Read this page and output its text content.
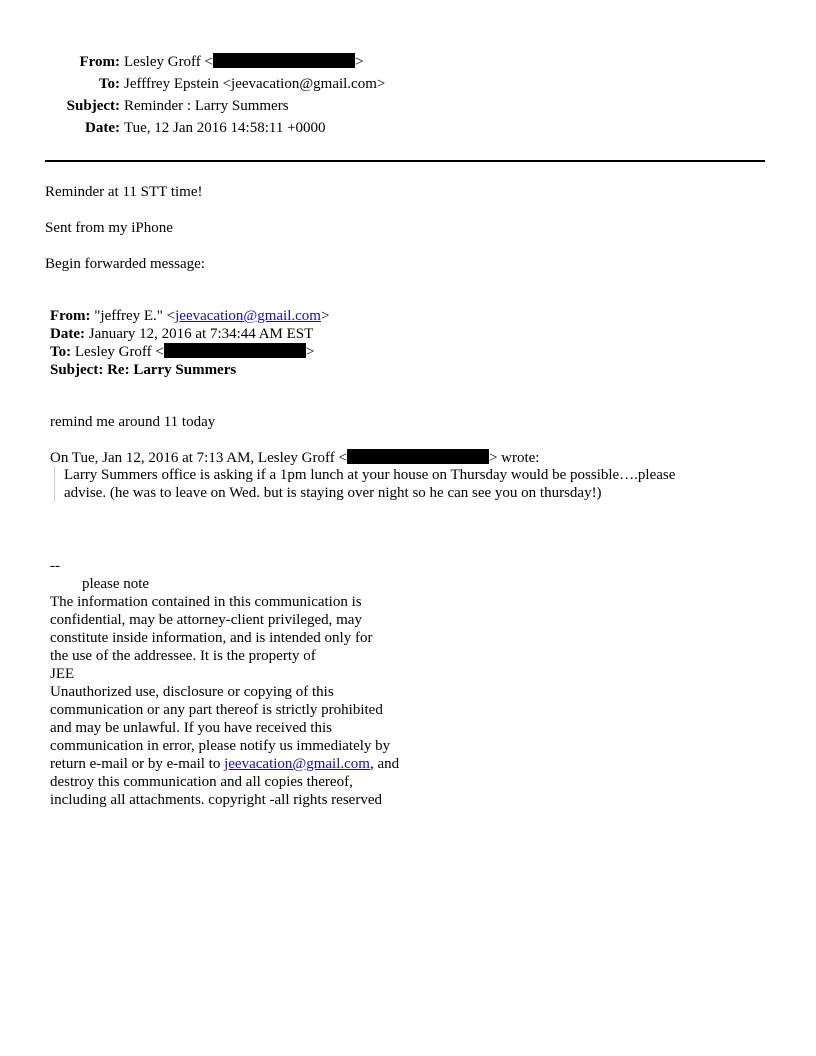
From: Lesley Groff <	>
To: Jefffrey Epstein <jeevacation@gmail.com>
Subject: Reminder : Larry Summers
Date: Tue, 12 Jan 2016 14:58:11 +0000
Reminder at 11 STT time!
Sent from my iPhone
Begin forwarded message:
From: "jeffrey E." <jeevacation@gmail.com>
Date: January 12, 2016 at 7:34:44 AM EST
To: Lesley Groff <	>
Subject: Re: Larry Summers
remind me around 11 today
On Tue, Jan 12, 2016 at 7:13 AM, Lesley Groff <	> wrote:
Larry Summers office is asking if a 1pm lunch at your house on Thursday would be possible….please
advise. (he was to leave on Wed. but is staying over night so he can see you on thursday!)
--
please note
The information contained in this communication is
confidential, may be attorney-client privileged, may
constitute inside information, and is intended only for
the use of the addressee. It is the property of
JEE
Unauthorized use, disclosure or copying of this
communication or any part thereof is strictly prohibited
and may be unlawful. If you have received this
communication in error, please notify us immediately by
return e-mail or by e-mail to jeevacation@gmail.com, and
destroy this communication and all copies thereof,
including all attachments. copyright -all rights reserved
